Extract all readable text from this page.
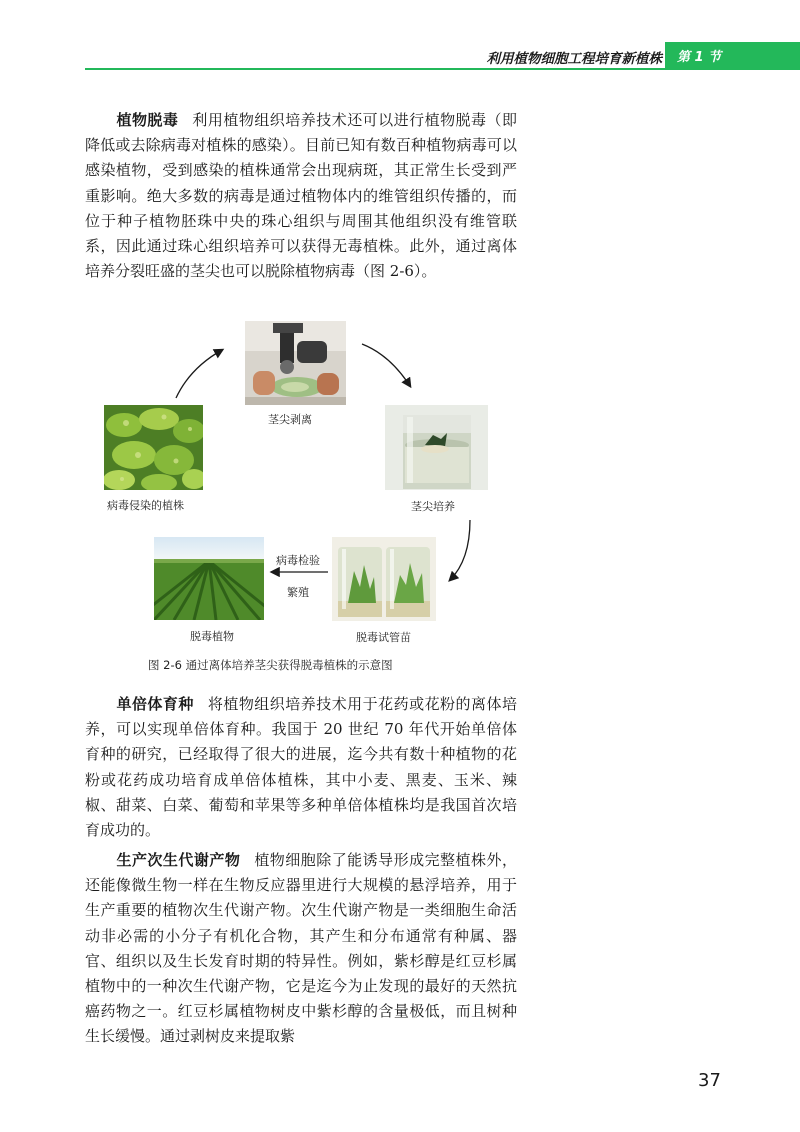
利用植物细胞工程培育新植株	第 1 节

植物脱毒 利用植物组织培养技术还可以进行植物脱毒（即降低或去除病毒对植株的感染）。目前已知有数百种植物病毒可以感染植物，受到感染的植株通常会出现病斑，其正常生长受到严重影响。绝大多数的病毒是通过植物体内的维管组织传播的，而位于种子植物胚珠中央的珠心组织与周围其他组织没有维管联系，因此通过珠心组织培养可以获得无毒植株。此外，通过离体培养分裂旺盛的茎尖也可以脱除植物病毒（图 2-6）。

茎尖剥离
茎尖培养
脱毒试管苗
脱毒植物
病毒侵染的植株
病毒检验
繁殖
图 2-6 通过离体培养茎尖获得脱毒植株的示意图

单倍体育种 将植物组织培养技术用于花药或花粉的离体培养，可以实现单倍体育种。我国于 20 世纪 70 年代开始单倍体育种的研究，已经取得了很大的进展，迄今共有数十种植物的花粉或花药成功培育成单倍体植株，其中小麦、黑麦、玉米、辣椒、甜菜、白菜、葡萄和苹果等多种单倍体植株均是我国首次培育成功的。

生产次生代谢产物 植物细胞除了能诱导形成完整植株外，还能像微生物一样在生物反应器里进行大规模的悬浮培养，用于生产重要的植物次生代谢产物。次生代谢产物是一类细胞生命活动非必需的小分子有机化合物，其产生和分布通常有种属、器官、组织以及生长发育时期的特异性。例如，紫杉醇是红豆杉属植物中的一种次生代谢产物，它是迄今为止发现的最好的天然抗癌药物之一。红豆杉属植物树皮中紫杉醇的含量极低，而且树种生长缓慢。通过剥树皮来提取紫

37
